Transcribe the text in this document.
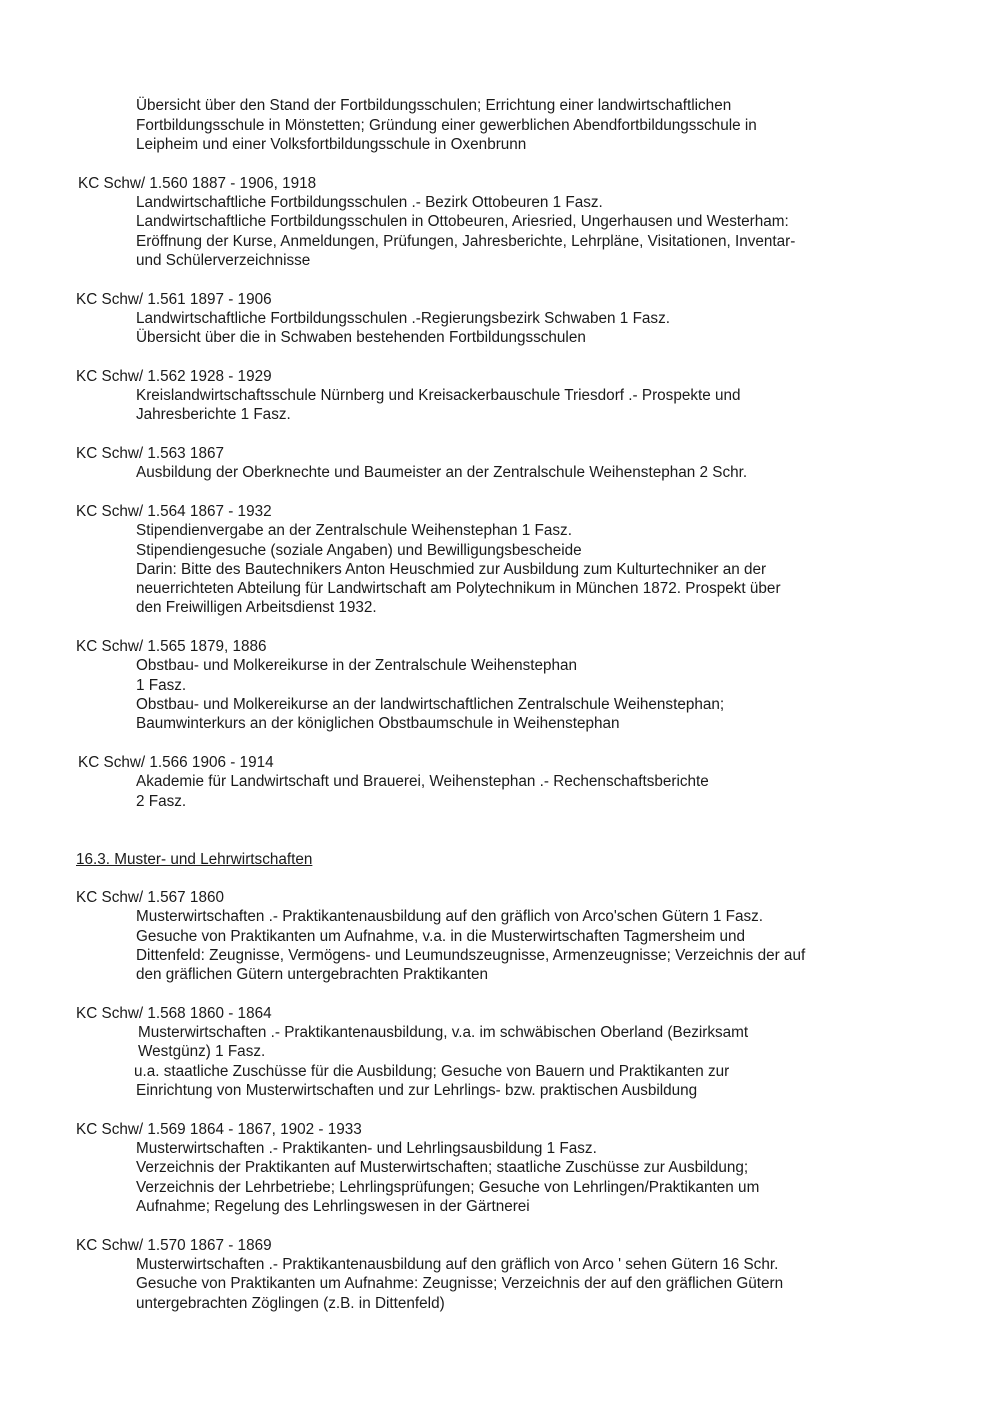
Übersicht über den Stand der Fortbildungsschulen; Errichtung einer landwirtschaftlichen
Fortbildungsschule in Mönstetten; Gründung einer gewerblichen Abendfortbildungsschule in
Leipheim und einer Volksfortbildungsschule in Oxenbrunn
KC Schw/ 1.560 1887 - 1906, 1918
Landwirtschaftliche Fortbildungsschulen .- Bezirk Ottobeuren 1 Fasz.
Landwirtschaftliche Fortbildungsschulen in Ottobeuren, Ariesried, Ungerhausen und Westerham:
Eröffnung der Kurse, Anmeldungen, Prüfungen, Jahresberichte, Lehrpläne, Visitationen, Inventar-
und Schülerverzeichnisse
KC Schw/ 1.561 1897 - 1906
Landwirtschaftliche Fortbildungsschulen .-Regierungsbezirk Schwaben 1 Fasz.
Übersicht über die in Schwaben bestehenden Fortbildungsschulen
KC Schw/ 1.562 1928 - 1929
Kreislandwirtschaftsschule Nürnberg und Kreisackerbauschule Triesdorf .- Prospekte und
Jahresberichte 1 Fasz.
KC Schw/ 1.563 1867
Ausbildung der Oberknechte und Baumeister an der Zentralschule Weihenstephan 2 Schr.
KC Schw/ 1.564 1867 - 1932
Stipendienvergabe an der Zentralschule Weihenstephan 1 Fasz.
Stipendiengesuche (soziale Angaben) und Bewilligungsbescheide
Darin: Bitte des Bautechnikers Anton Heuschmied zur Ausbildung zum Kulturtechniker an der
neuerrichteten Abteilung für Landwirtschaft am Polytechnikum in München 1872. Prospekt über
den Freiwilligen Arbeitsdienst 1932.
KC Schw/ 1.565 1879, 1886
Obstbau- und Molkereikurse in der Zentralschule Weihenstephan
1 Fasz.
Obstbau- und Molkereikurse an der landwirtschaftlichen Zentralschule Weihenstephan;
Baumwinterkurs an der königlichen Obstbaumschule in Weihenstephan
KC Schw/ 1.566 1906 - 1914
Akademie für Landwirtschaft und Brauerei, Weihenstephan .- Rechenschaftsberichte
2 Fasz.
16.3. Muster- und Lehrwirtschaften
KC Schw/ 1.567 1860
Musterwirtschaften .- Praktikantenausbildung auf den gräflich von Arco'schen Gütern 1 Fasz.
Gesuche von Praktikanten um Aufnahme, v.a. in die Musterwirtschaften Tagmersheim und
Dittenfeld: Zeugnisse, Vermögens- und Leumundszeugnisse, Armenzeugnisse; Verzeichnis der auf
den gräflichen Gütern untergebrachten Praktikanten
KC Schw/ 1.568 1860 - 1864
Musterwirtschaften .- Praktikantenausbildung, v.a. im schwäbischen Oberland (Bezirksamt
Westgünz) 1 Fasz.
u.a. staatliche Zuschüsse für die Ausbildung; Gesuche von Bauern und Praktikanten zur
Einrichtung von Musterwirtschaften und zur Lehrlings- bzw. praktischen Ausbildung
KC Schw/ 1.569 1864 - 1867, 1902 - 1933
Musterwirtschaften .- Praktikanten- und Lehrlingsausbildung 1 Fasz.
Verzeichnis der Praktikanten auf Musterwirtschaften; staatliche Zuschüsse zur Ausbildung;
Verzeichnis der Lehrbetriebe; Lehrlingsprüfungen; Gesuche von Lehrlingen/Praktikanten um
Aufnahme; Regelung des Lehrlingswesen in der Gärtnerei
KC Schw/ 1.570 1867 - 1869
Musterwirtschaften .- Praktikantenausbildung auf den gräflich von Arco ' sehen Gütern 16 Schr.
Gesuche von Praktikanten um Aufnahme: Zeugnisse; Verzeichnis der auf den gräflichen Gütern
untergebrachten Zöglingen (z.B. in Dittenfeld)
